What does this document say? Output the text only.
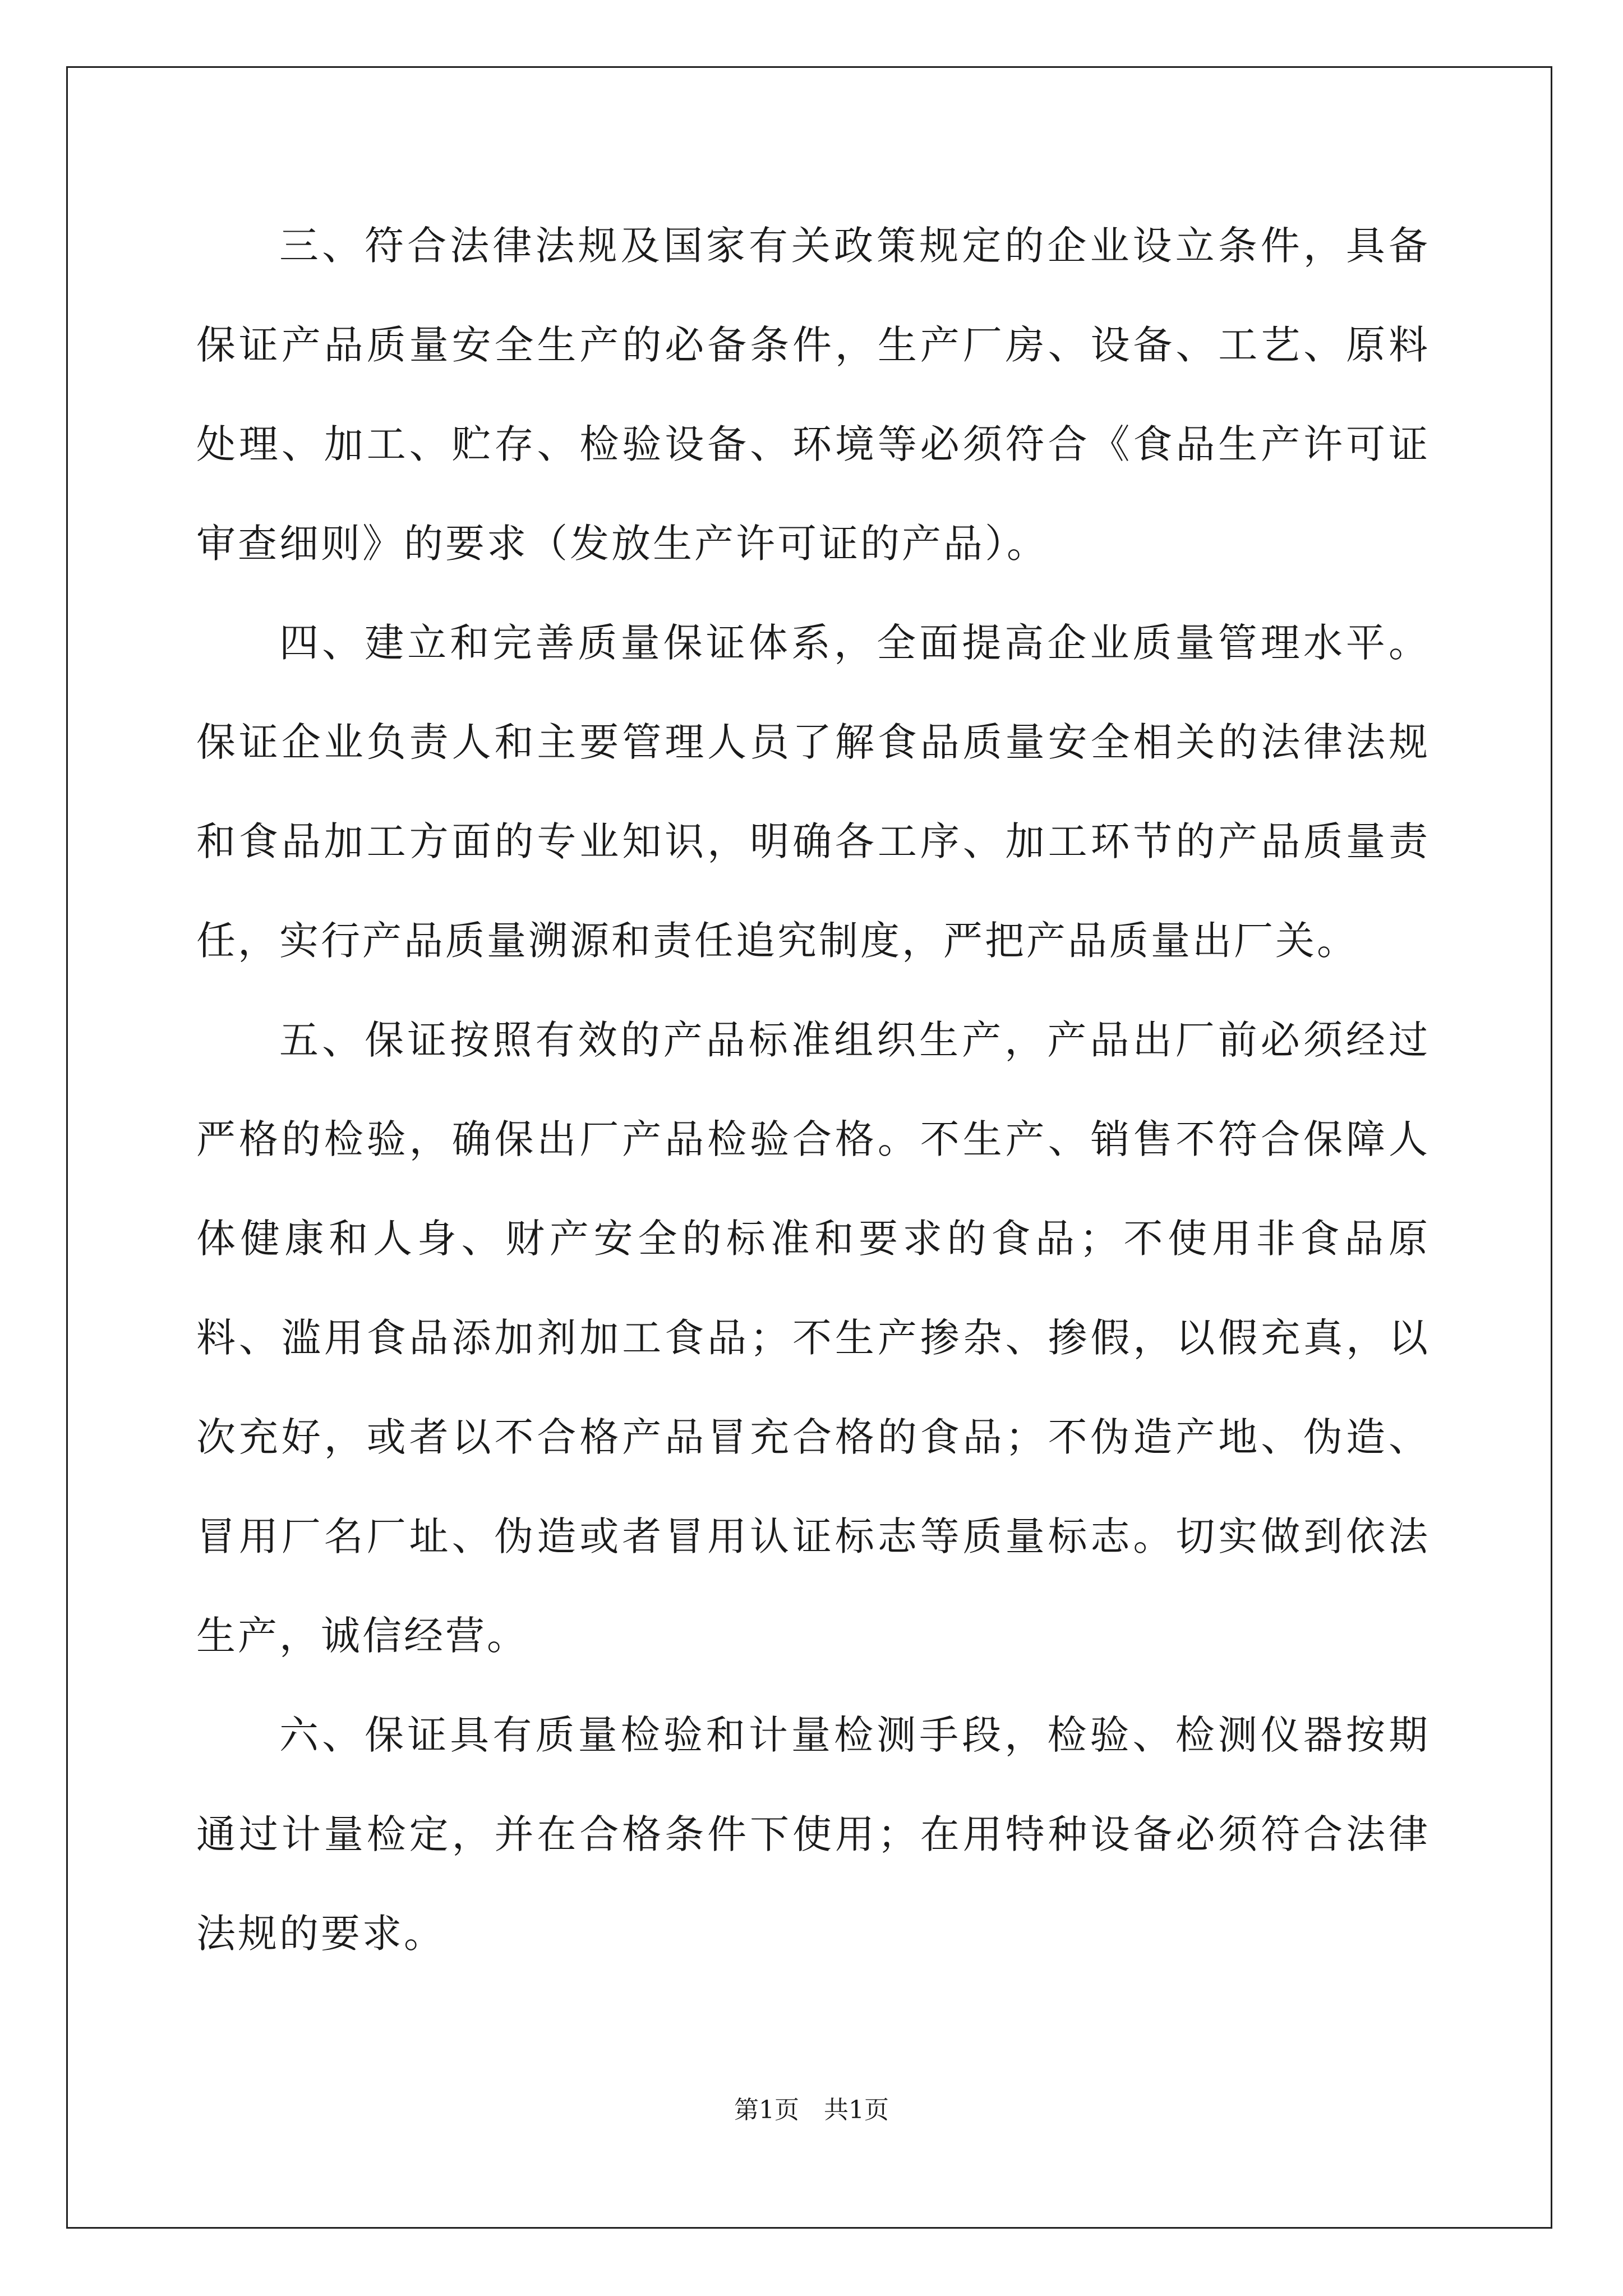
三、符合法律法规及国家有关政策规定的企业设立条件，具备保证产品质量安全生产的必备条件，生产厂房、设备、工艺、原料处理、加工、贮存、检验设备、环境等必须符合《食品生产许可证审查细则》的要求（发放生产许可证的产品）。

四、建立和完善质量保证体系，全面提高企业质量管理水平。保证企业负责人和主要管理人员了解食品质量安全相关的法律法规和食品加工方面的专业知识，明确各工序、加工环节的产品质量责任，实行产品质量溯源和责任追究制度，严把产品质量出厂关。

五、保证按照有效的产品标准组织生产，产品出厂前必须经过严格的检验，确保出厂产品检验合格。不生产、销售不符合保障人体健康和人身、财产安全的标准和要求的食品；不使用非食品原料、滥用食品添加剂加工食品；不生产掺杂、掺假，以假充真，以次充好，或者以不合格产品冒充合格的食品；不伪造产地、伪造、冒用厂名厂址、伪造或者冒用认证标志等质量标志。切实做到依法生产，诚信经营。

六、保证具有质量检验和计量检测手段，检验、检测仪器按期通过计量检定，并在合格条件下使用；在用特种设备必须符合法律法规的要求。

第1页　共1页
